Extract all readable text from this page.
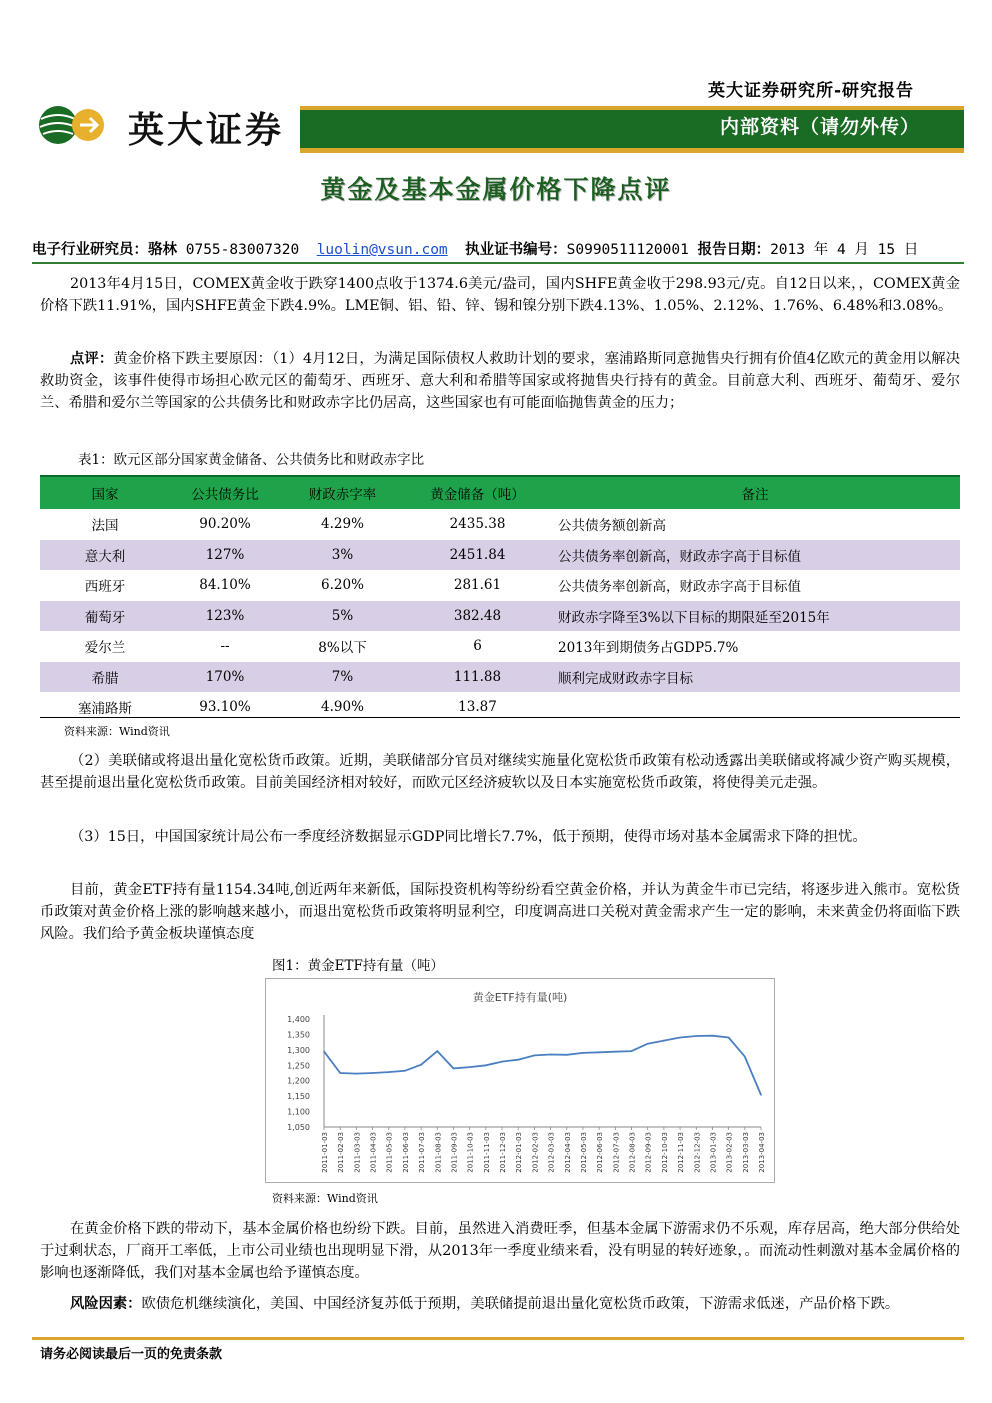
英大证券
英大证券研究所-研究报告
内部资料（请勿外传）
黄金及基本金属价格下降点评
电子行业研究员：骆林 0755-83007320 luolin@vsun.com 执业证书编号：S0990511120001 报告日期：2013 年 4 月 15 日
2013年4月15日，COMEX黄金收于跌穿1400点收于1374.6美元/盎司，国内SHFE黄金收于298.93元/克。自12日以来，，COMEX黄金价格下跌11.91%，国内SHFE黄金下跌4.9%。LME铜、铝、铅、锌、锡和镍分别下跌4.13%、1.05%、2.12%、1.76%、6.48%和3.08%。
点评：黄金价格下跌主要原因：（1）4月12日，为满足国际债权人救助计划的要求，塞浦路斯同意抛售央行拥有价值4亿欧元的黄金用以解决救助资金，该事件使得市场担心欧元区的葡萄牙、西班牙、意大利和希腊等国家或将抛售央行持有的黄金。目前意大利、西班牙、葡萄牙、爱尔兰、希腊和爱尔兰等国家的公共债务比和财政赤字比仍居高，这些国家也有可能面临抛售黄金的压力；
表1：欧元区部分国家黄金储备、公共债务比和财政赤字比
国家	公共债务比	财政赤字率	黄金储备（吨）	备注
法国	90.20%	4.29%	2435.38	公共债务额创新高
意大利	127%	3%	2451.84	公共债务率创新高，财政赤字高于目标值
西班牙	84.10%	6.20%	281.61	公共债务率创新高，财政赤字高于目标值
葡萄牙	123%	5%	382.48	财政赤字降至3%以下目标的期限延至2015年
爱尔兰	--	8%以下	6	2013年到期债务占GDP5.7%
希腊	170%	7%	111.88	顺利完成财政赤字目标
塞浦路斯	93.10%	4.90%	13.87	
资料来源：Wind资讯
（2）美联储或将退出量化宽松货币政策。近期，美联储部分官员对继续实施量化宽松货币政策有松动透露出美联储或将减少资产购买规模，甚至提前退出量化宽松货币政策。目前美国经济相对较好，而欧元区经济疲软以及日本实施宽松货币政策，将使得美元走强。
（3）15日，中国国家统计局公布一季度经济数据显示GDP同比增长7.7%，低于预期，使得市场对基本金属需求下降的担忧。
目前，黄金ETF持有量1154.34吨,创近两年来新低，国际投资机构等纷纷看空黄金价格，并认为黄金牛市已完结，将逐步进入熊市。宽松货币政策对黄金价格上涨的影响越来越小，而退出宽松货币政策将明显利空，印度调高进口关税对黄金需求产生一定的影响，未来黄金仍将面临下跌风险。我们给予黄金板块谨慎态度
图1：黄金ETF持有量（吨）
黄金ETF持有量(吨)
1,050
1,100
1,150
1,200
1,250
1,300
1,350
1,400
2011-01-03 2011-02-03 2011-03-03 2011-04-03 2011-05-03 2011-06-03 2011-07-03 2011-08-03 2011-09-03 2011-10-03 2011-11-03 2011-12-03 2012-01-03 2012-02-03 2012-03-03 2012-04-03 2012-05-03 2012-06-03 2012-07-03 2012-08-03 2012-09-03 2012-10-03 2012-11-03 2012-12-03 2013-01-03 2013-02-03 2013-03-03 2013-04-03
资料来源：Wind资讯
在黄金价格下跌的带动下，基本金属价格也纷纷下跌。目前，虽然进入消费旺季，但基本金属下游需求仍不乐观，库存居高，绝大部分供给处于过剩状态，厂商开工率低，上市公司业绩也出现明显下滑，从2013年一季度业绩来看，没有明显的转好迹象，。而流动性刺激对基本金属价格的影响也逐渐降低，我们对基本金属也给予谨慎态度。
风险因素：欧债危机继续演化，美国、中国经济复苏低于预期，美联储提前退出量化宽松货币政策，下游需求低迷，产品价格下跌。
请务必阅读最后一页的免责条款
